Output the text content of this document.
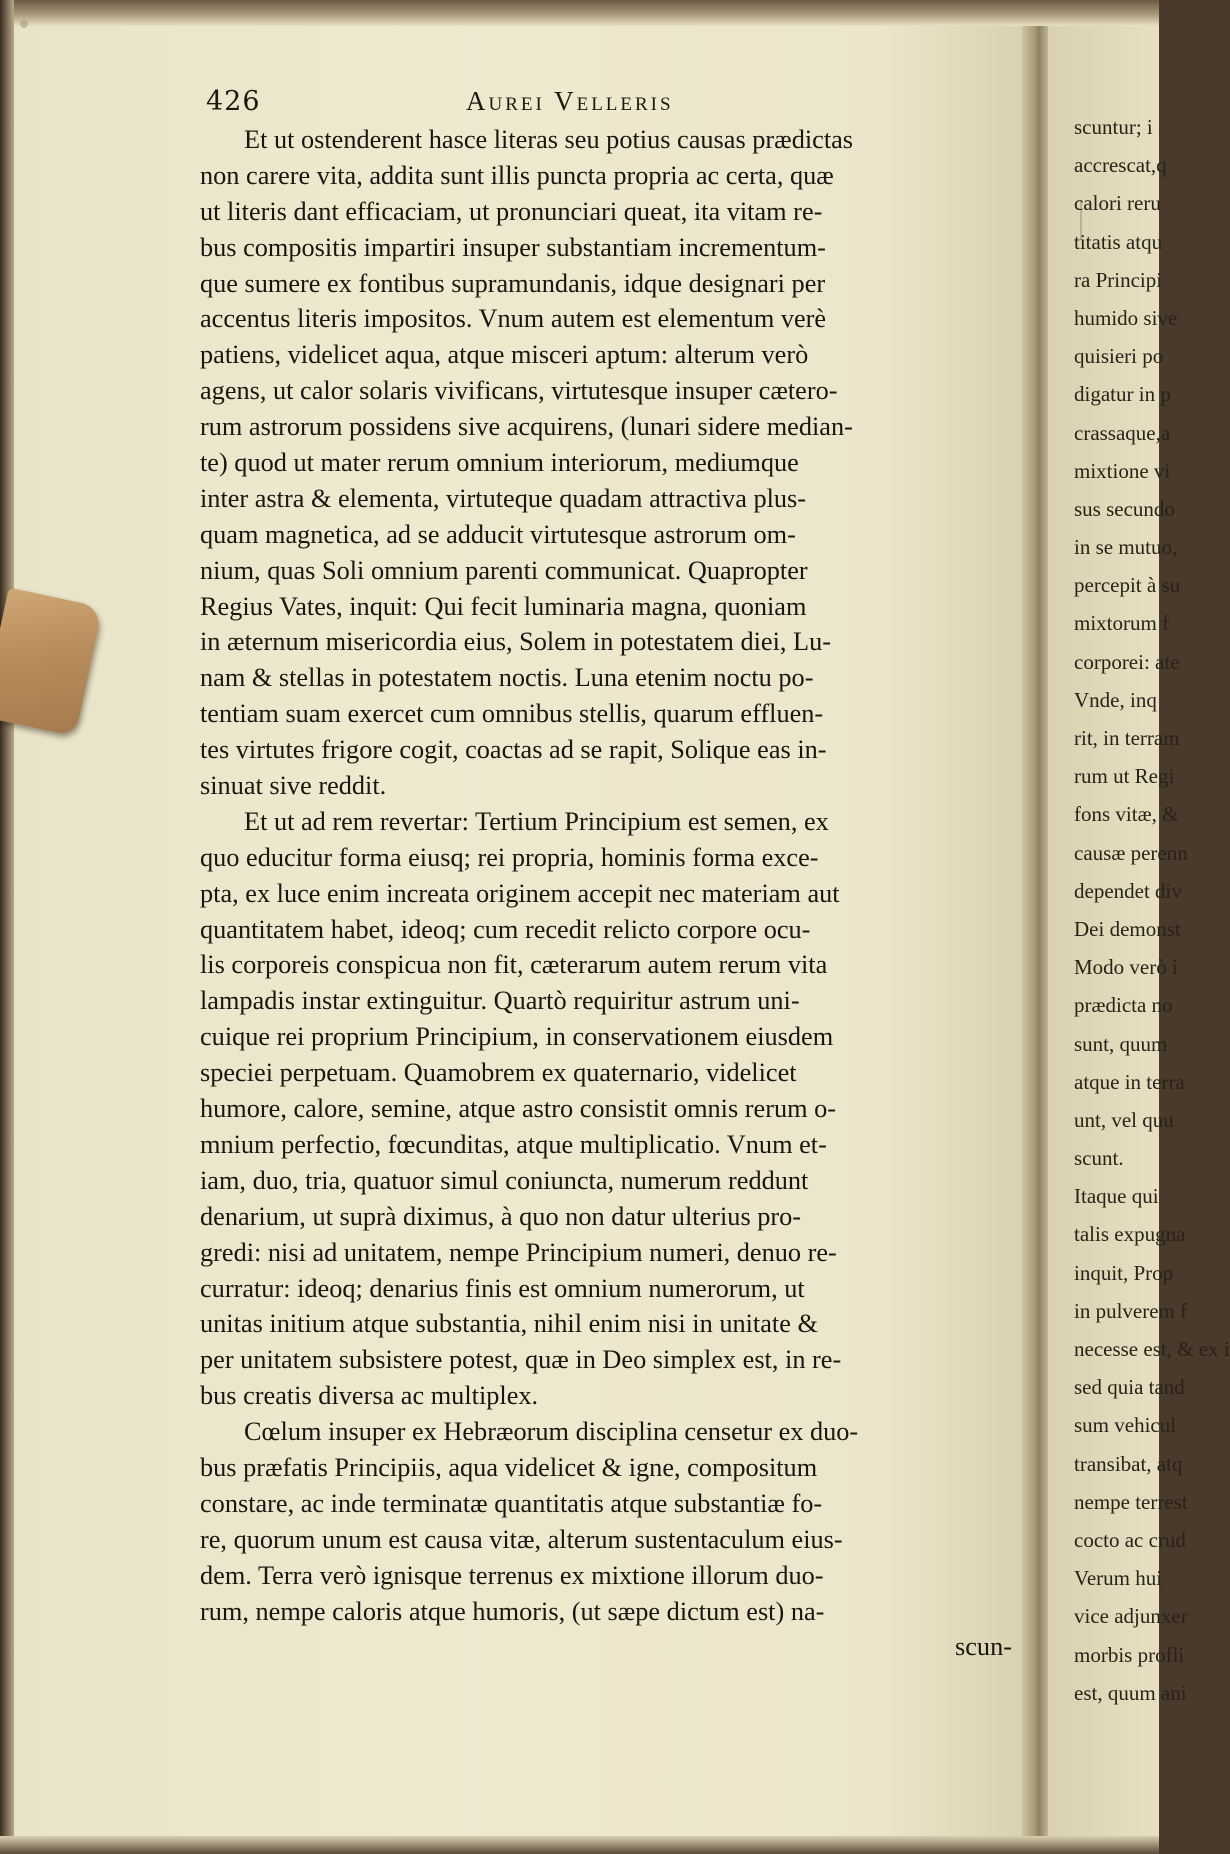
426	Aurei Velleris
Et ut ostenderent hasce literas seu potius causas prædictas
non carere vita, addita sunt illis puncta propria ac certa, quæ
ut literis dant efficaciam, ut pronunciari queat, ita vitam re-
bus compositis impartiri insuper substantiam incrementum-
que sumere ex fontibus supramundanis, idque designari per
accentus literis impositos. Vnum autem est elementum verè
patiens, videlicet aqua, atque misceri aptum: alterum verò
agens, ut calor solaris vivificans, virtutesque insuper cætero-
rum astrorum possidens sive acquirens, (lunari sidere median-
te) quod ut mater rerum omnium interiorum, mediumque
inter astra & elementa, virtuteque quadam attractiva plus-
quam magnetica, ad se adducit virtutesque astrorum om-
nium, quas Soli omnium parenti communicat. Quapropter
Regius Vates, inquit: Qui fecit luminaria magna, quoniam
in æternum misericordia eius, Solem in potestatem diei, Lu-
nam & stellas in potestatem noctis. Luna etenim noctu po-
tentiam suam exercet cum omnibus stellis, quarum effluen-
tes virtutes frigore cogit, coactas ad se rapit, Solique eas in-
sinuat sive reddit.
Et ut ad rem revertar: Tertium Principium est semen, ex
quo educitur forma eiusq; rei propria, hominis forma exce-
pta, ex luce enim increata originem accepit nec materiam aut
quantitatem habet, ideoq; cum recedit relicto corpore ocu-
lis corporeis conspicua non fit, cæterarum autem rerum vita
lampadis instar extinguitur. Quartò requiritur astrum uni-
cuique rei proprium Principium, in conservationem eiusdem
speciei perpetuam. Quamobrem ex quaternario, videlicet
humore, calore, semine, atque astro consistit omnis rerum o-
mnium perfectio, fœcunditas, atque multiplicatio. Vnum et-
iam, duo, tria, quatuor simul coniuncta, numerum reddunt
denarium, ut suprà diximus, à quo non datur ulterius pro-
gredi: nisi ad unitatem, nempe Principium numeri, denuo re-
curratur: ideoq; denarius finis est omnium numerorum, ut
unitas initium atque substantia, nihil enim nisi in unitate &
per unitatem subsistere potest, quæ in Deo simplex est, in re-
bus creatis diversa ac multiplex.
Cœlum insuper ex Hebræorum disciplina censetur ex duo-
bus præfatis Principiis, aqua videlicet & igne, compositum
constare, ac inde terminatæ quantitatis atque substantiæ fo-
re, quorum unum est causa vitæ, alterum sustentaculum eius-
dem. Terra verò ignisque terrenus ex mixtione illorum duo-
rum, nempe caloris atque humoris, (ut sæpe dictum est) na-
scun-
scuntur; i
accrescat,q
calori reru
titatis atqu
ra Principi
humido sive
quisieri po
digatur in p
crassaque,a
mixtione vi
sus secundo
in se mutuo,
percepit à su
mixtorum f
corporei: ate
Vnde, inq
rit, in terram
rum ut Regi
fons vitæ, &
causæ perenn
dependet div
Dei demonst
Modo verò i
prædicta no
sunt, quum
atque in terra
unt, vel quu
scunt.
Itaque qui
talis expugna
inquit, Prop
in pulverem f
necesse est, & ex i
sed quia tand
sum vehicul
transibat, atq
nempe terrest
cocto ac crud
Verum hui
vice adjunxer
morbis profli
est, quum ani
